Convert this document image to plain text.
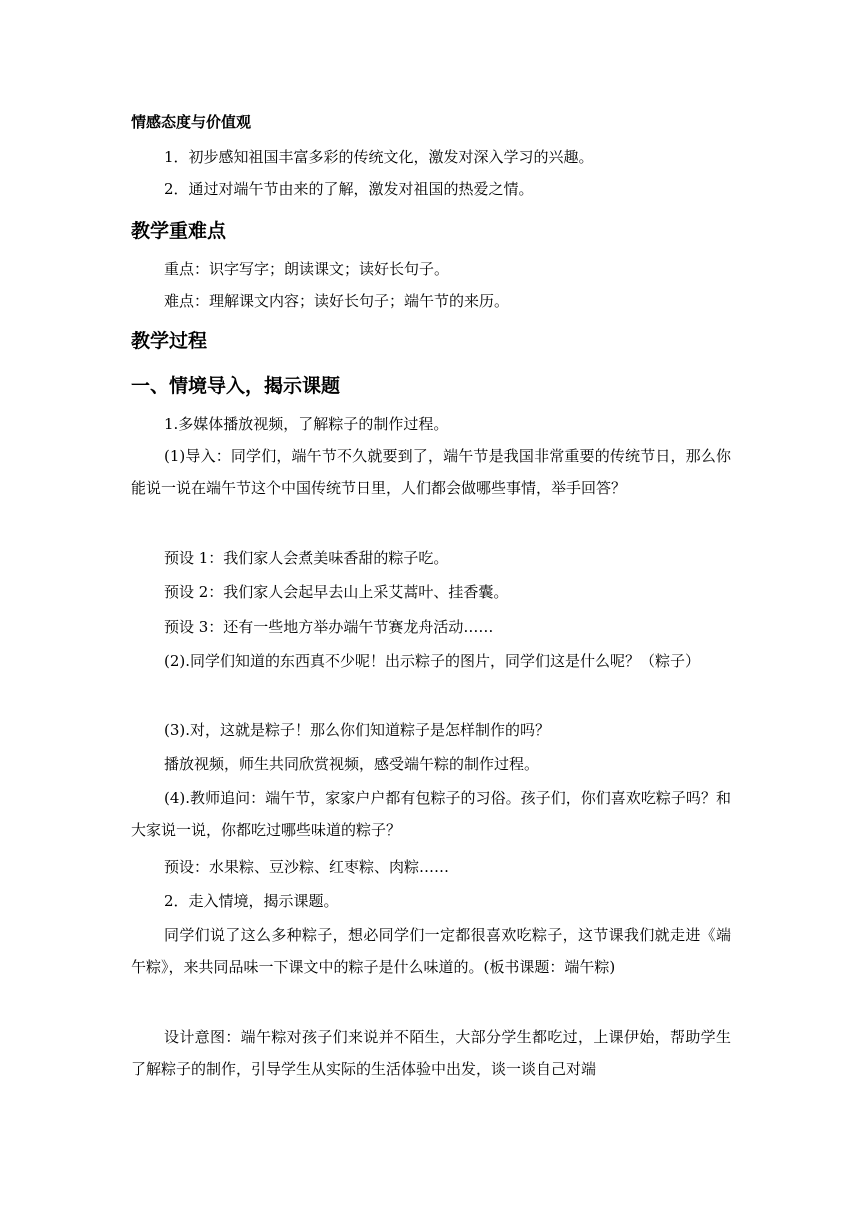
情感态度与价值观
1．初步感知祖国丰富多彩的传统文化，激发对深入学习的兴趣。
2．通过对端午节由来的了解，激发对祖国的热爱之情。
教学重难点
重点：识字写字；朗读课文；读好长句子。
难点：理解课文内容；读好长句子；端午节的来历。
教学过程
一、情境导入，揭示课题
1.多媒体播放视频，了解粽子的制作过程。
(1)导入：同学们，端午节不久就要到了，端午节是我国非常重要的传统节日，那么你能说一说在端午节这个中国传统节日里，人们都会做哪些事情，举手回答？
预设 1：我们家人会煮美味香甜的粽子吃。
预设 2：我们家人会起早去山上采艾蒿叶、挂香囊。
预设 3：还有一些地方举办端午节赛龙舟活动……
(2).同学们知道的东西真不少呢！出示粽子的图片，同学们这是什么呢？（粽子）
(3).对，这就是粽子！那么你们知道粽子是怎样制作的吗？
播放视频，师生共同欣赏视频，感受端午粽的制作过程。
(4).教师追问：端午节，家家户户都有包粽子的习俗。孩子们，你们喜欢吃粽子吗？和大家说一说，你都吃过哪些味道的粽子？
预设：水果粽、豆沙粽、红枣粽、肉粽……
2．走入情境，揭示课题。
同学们说了这么多种粽子，想必同学们一定都很喜欢吃粽子，这节课我们就走进《端午粽》，来共同品味一下课文中的粽子是什么味道的。(板书课题：端午粽)
设计意图：端午粽对孩子们来说并不陌生，大部分学生都吃过，上课伊始，帮助学生了解粽子的制作，引导学生从实际的生活体验中出发，谈一谈自己对端
